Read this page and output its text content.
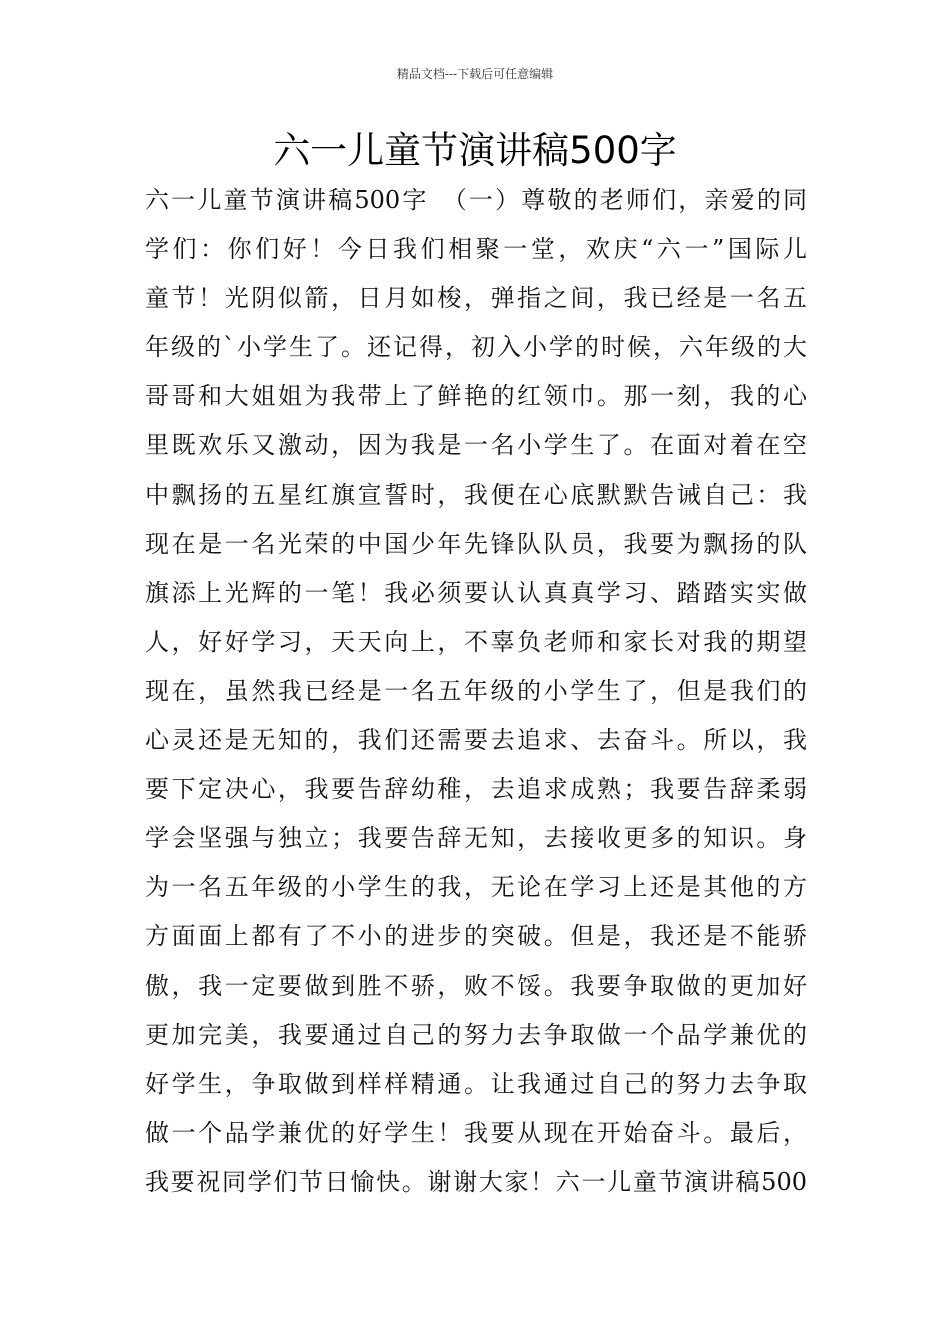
精品文档---下载后可任意编辑
六一儿童节演讲稿500字
六一儿童节演讲稿500字　（一）尊敬的老师们，亲爱的同
学们：你们好！今日我们相聚一堂，欢庆“六一”国际儿
童节！光阴似箭，日月如梭，弹指之间，我已经是一名五
年级的`小学生了。还记得，初入小学的时候，六年级的大
哥哥和大姐姐为我带上了鲜艳的红领巾。那一刻，我的心
里既欢乐又激动，因为我是一名小学生了。在面对着在空
中飘扬的五星红旗宣誓时，我便在心底默默告诫自己：我
现在是一名光荣的中国少年先锋队队员，我要为飘扬的队
旗添上光辉的一笔！我必须要认认真真学习、踏踏实实做
人，好好学习，天天向上，不辜负老师和家长对我的期望
现在，虽然我已经是一名五年级的小学生了，但是我们的
心灵还是无知的，我们还需要去追求、去奋斗。所以，我
要下定决心，我要告辞幼稚，去追求成熟；我要告辞柔弱
学会坚强与独立；我要告辞无知，去接收更多的知识。身
为一名五年级的小学生的我，无论在学习上还是其他的方
方面面上都有了不小的进步的突破。但是，我还是不能骄
傲，我一定要做到胜不骄，败不馁。我要争取做的更加好
更加完美，我要通过自己的努力去争取做一个品学兼优的
好学生，争取做到样样精通。让我通过自己的努力去争取
做一个品学兼优的好学生！我要从现在开始奋斗。最后，
我要祝同学们节日愉快。谢谢大家！六一儿童节演讲稿500
